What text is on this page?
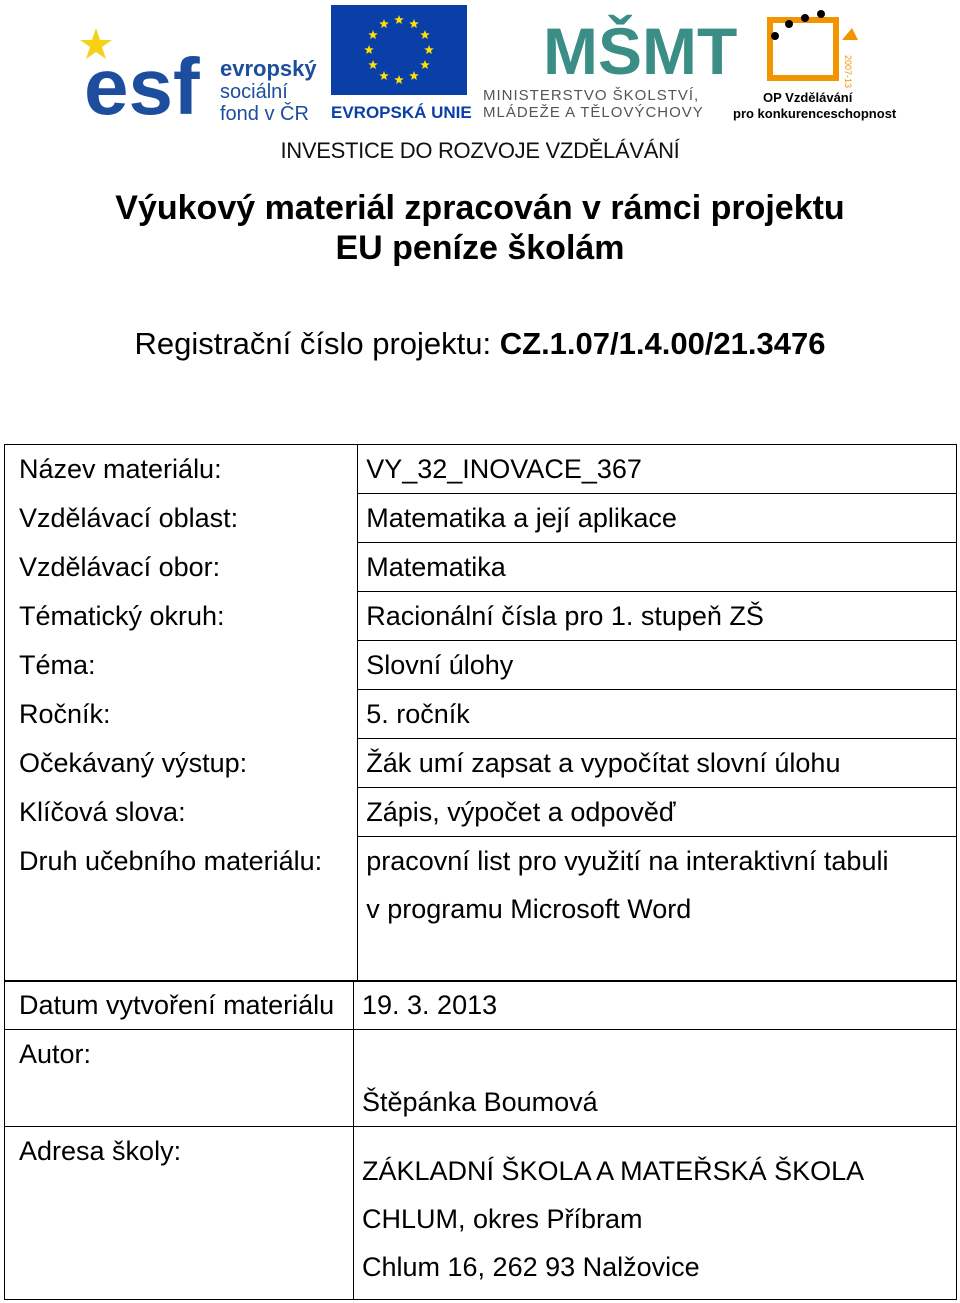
esf evropský
sociální
fond v ČR EVROPSKÁ UNIE
MŠMT
MINISTERSTVO ŠKOLSTVÍ,
MLÁDEŽE A TĚLOVÝCHOVY
2007-13
OP Vzdělávání
pro konkurenceschopnost
INVESTICE DO ROZVOJE VZDĚLÁVÁNÍ
Výukový materiál zpracován v rámci projektu
EU peníze školám
Registrační číslo projektu: CZ.1.07/1.4.00/21.3476
Název materiálu:	VY_32_INOVACE_367
Vzdělávací oblast:	Matematika a její aplikace
Vzdělávací obor:	Matematika
Tématický okruh:	Racionální čísla pro 1. stupeň ZŠ
Téma:	Slovní úlohy
Ročník:	5. ročník
Očekávaný výstup:	Žák umí zapsat a vypočítat slovní úlohu
Klíčová slova:	Zápis, výpočet a odpověď
Druh učebního materiálu:	pracovní list pro využití na interaktivní tabuli
v programu Microsoft Word
Datum vytvoření materiálu	19. 3. 2013
Autor:	Štěpánka Boumová
Adresa školy:	ZÁKLADNÍ ŠKOLA A MATEŘSKÁ ŠKOLA
CHLUM, okres Příbram
Chlum 16, 262 93 Nalžovice
